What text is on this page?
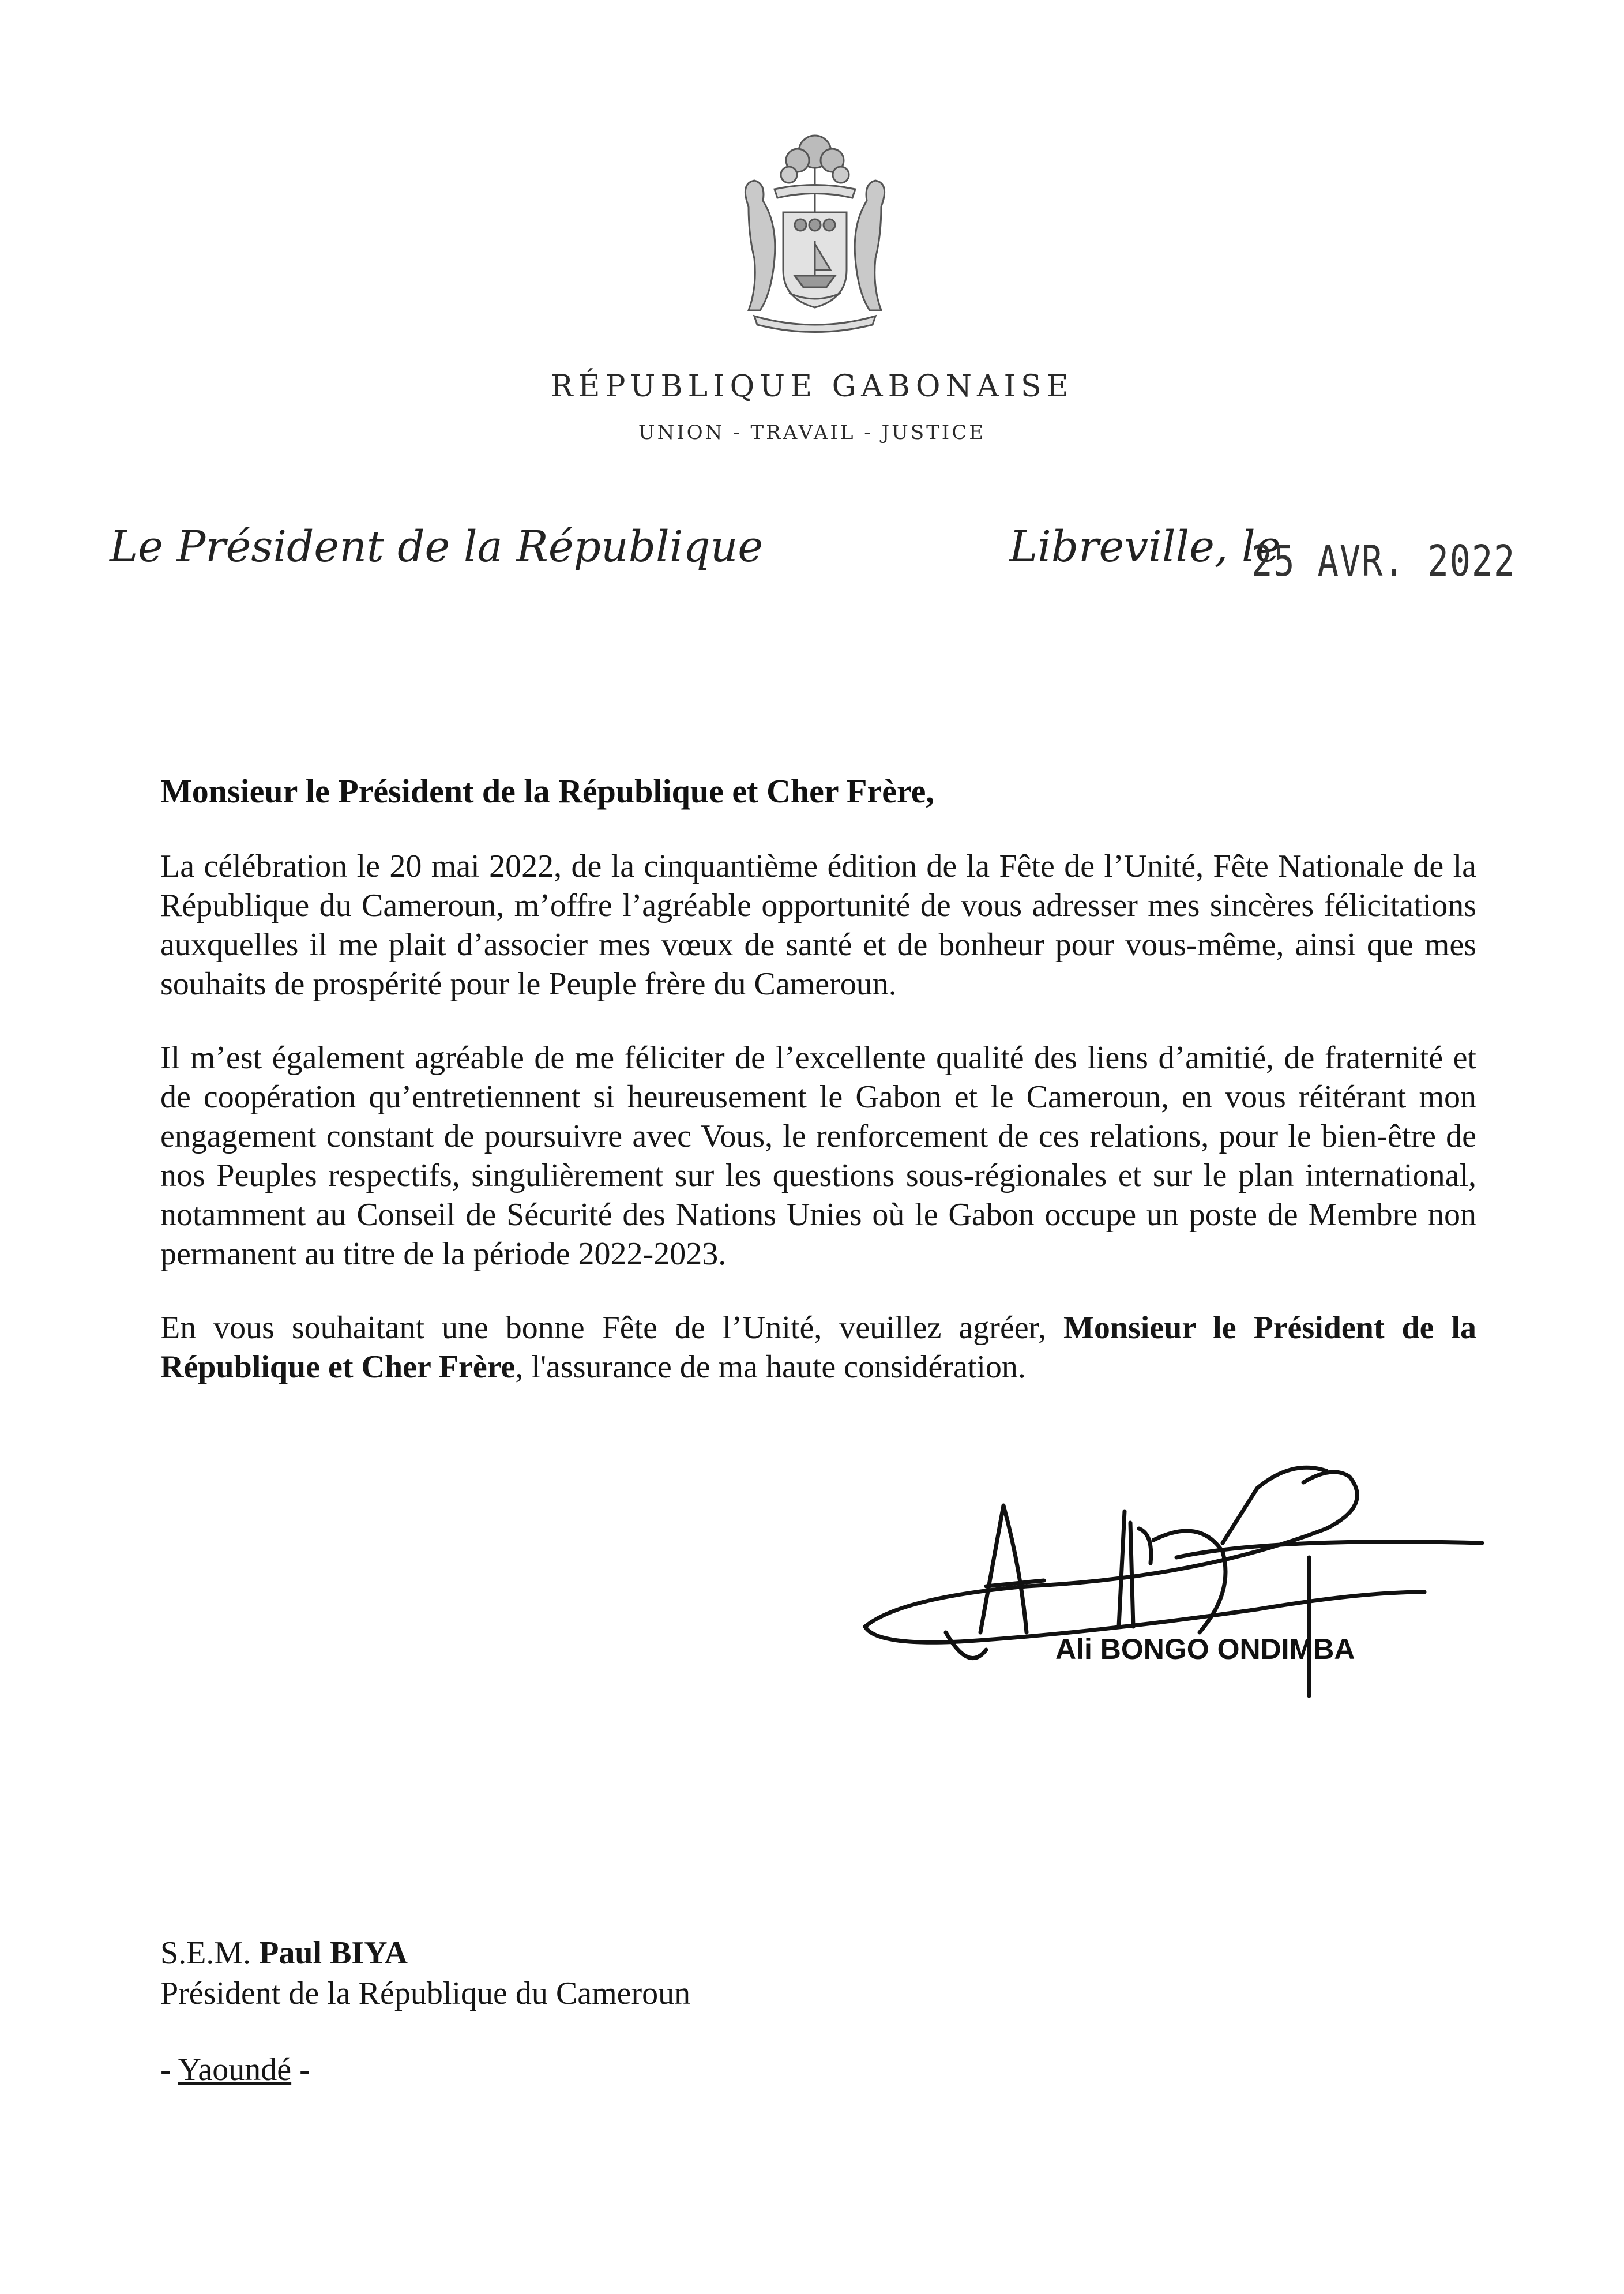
RÉPUBLIQUE GABONAISE
UNION - TRAVAIL - JUSTICE
Le Président de la République	Libreville, le
25 AVR. 2022
Monsieur le Président de la République et Cher Frère,
La célébration le 20 mai 2022, de la cinquantième édition de la Fête de l’Unité, Fête Nationale de la République du Cameroun, m’offre l’agréable opportunité de vous adresser mes sincères félicitations auxquelles il me plait d’associer mes vœux de santé et de bonheur pour vous-même, ainsi que mes souhaits de prospérité pour le Peuple frère du Cameroun.
Il m’est également agréable de me féliciter de l’excellente qualité des liens d’amitié, de fraternité et de coopération qu’entretiennent si heureusement le Gabon et le Cameroun, en vous réitérant mon engagement constant de poursuivre avec Vous, le renforcement de ces relations, pour le bien-être de nos Peuples respectifs, singulièrement sur les questions sous-régionales et sur le plan international, notamment au Conseil de Sécurité des Nations Unies où le Gabon occupe un poste de Membre non permanent au titre de la période 2022-2023.
En vous souhaitant une bonne Fête de l’Unité, veuillez agréer, Monsieur le Président de la République et Cher Frère, l'assurance de ma haute considération.
Ali BONGO ONDIMBA
S.E.M. Paul BIYA
Président de la République du Cameroun
- Yaoundé -
